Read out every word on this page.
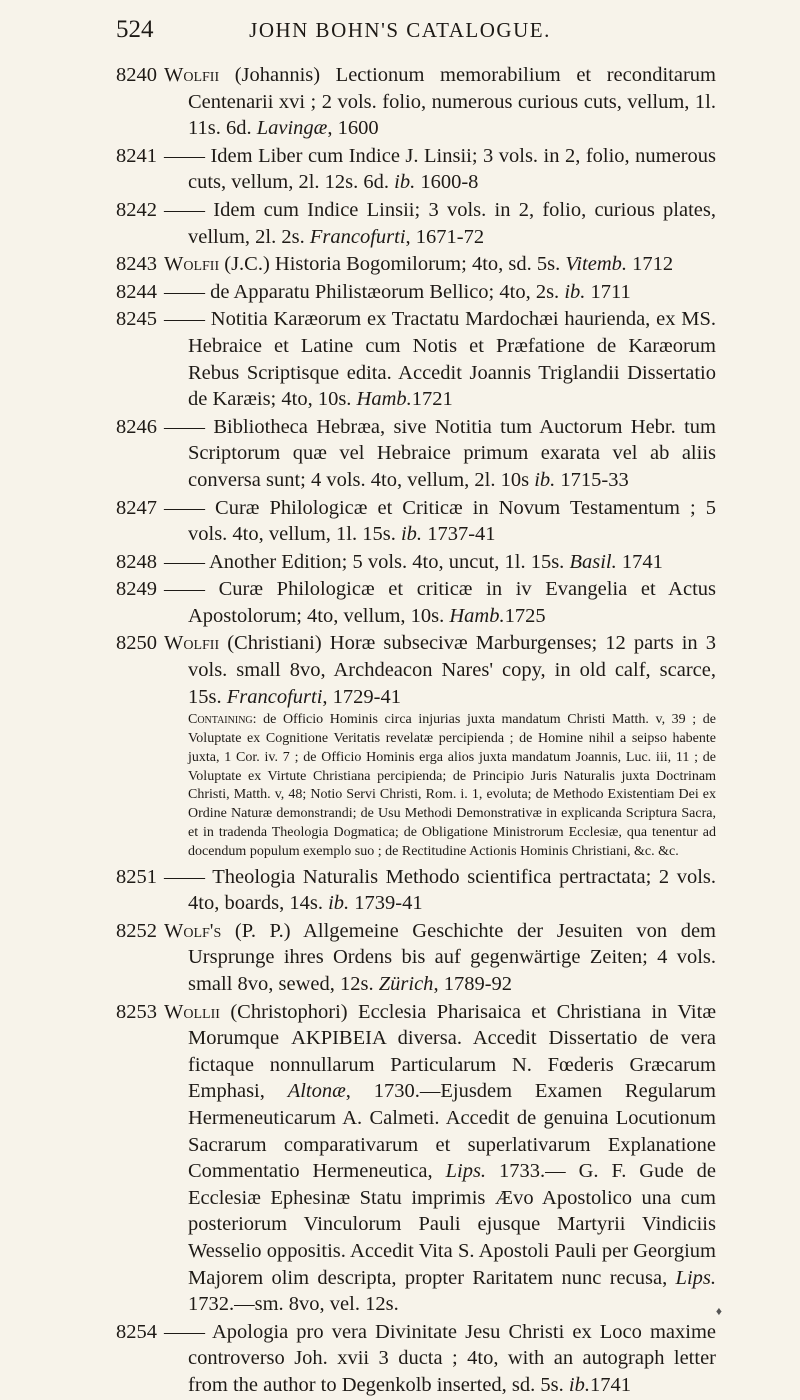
524	JOHN BOHN'S CATALOGUE.
8240 Wolfii (Johannis) Lectionum memorabilium et reconditarum Centenarii xvi ; 2 vols. folio, numerous curious cuts, vellum, 1l. 11s. 6d. Lavingæ, 1600
8241 —— Idem Liber cum Indice J. Linsii; 3 vols. in 2, folio, numerous cuts, vellum, 2l. 12s. 6d. ib. 1600-8
8242 —— Idem cum Indice Linsii; 3 vols. in 2, folio, curious plates, vellum, 2l. 2s. Francofurti, 1671-72
8243 Wolfii (J.C.) Historia Bogomilorum; 4to, sd. 5s. Vitemb. 1712
8244 —— de Apparatu Philistæorum Bellico; 4to, 2s. ib. 1711
8245 —— Notitia Karæorum ex Tractatu Mardochæi haurienda, ex MS. Hebraice et Latine cum Notis et Præfatione de Karæorum Rebus Scriptisque edita. Accedit Joannis Triglandii Dissertatio de Karæis; 4to, 10s. Hamb.1721
8246 —— Bibliotheca Hebræa, sive Notitia tum Auctorum Hebr. tum Scriptorum quæ vel Hebraice primum exarata vel ab aliis conversa sunt; 4 vols. 4to, vellum, 2l. 10s ib. 1715-33
8247 —— Curæ Philologicæ et Criticæ in Novum Testamentum ; 5 vols. 4to, vellum, 1l. 15s. ib. 1737-41
8248 —— Another Edition; 5 vols. 4to, uncut, 1l. 15s. Basil. 1741
8249 —— Curæ Philologicæ et criticæ in iv Evangelia et Actus Apostolorum; 4to, vellum, 10s. Hamb.1725
8250 Wolfii (Christiani) Horæ subsecivæ Marburgenses; 12 parts in 3 vols. small 8vo, Archdeacon Nares' copy, in old calf, scarce, 15s. Francofurti, 1729-41
Containing: de Officio Hominis circa injurias juxta mandatum Christi Matth. v, 39 ; de Voluptate ex Cognitione Veritatis revelatæ percipienda ; de Homine nihil a seipso habente juxta, 1 Cor. iv. 7 ; de Officio Hominis erga alios juxta mandatum Joannis, Luc. iii, 11 ; de Voluptate ex Virtute Christiana percipienda; de Principio Juris Naturalis juxta Doctrinam Christi, Matth. v, 48; Notio Servi Christi, Rom. i. 1, evoluta; de Methodo Existentiam Dei ex Ordine Naturæ demonstrandi; de Usu Methodi Demonstrativæ in explicanda Scriptura Sacra, et in tradenda Theologia Dogmatica; de Obligatione Ministrorum Ecclesiæ, qua tenentur ad docendum populum exemplo suo ; de Rectitudine Actionis Hominis Christiani, &c. &c.
8251 —— Theologia Naturalis Methodo scientifica pertractata; 2 vols. 4to, boards, 14s. ib. 1739-41
8252 Wolf's (P. P.) Allgemeine Geschichte der Jesuiten von dem Ursprunge ihres Ordens bis auf gegenwärtige Zeiten; 4 vols. small 8vo, sewed, 12s. Zürich, 1789-92
8253 Wollii (Christophori) Ecclesia Pharisaica et Christiana in Vitæ Morumque ΑΚΡΙΒΕΙΑ diversa. Accedit Dissertatio de vera fictaque nonnullarum Particularum N. Fœderis Græcarum Emphasi, Altonæ, 1730.—Ejusdem Examen Regularum Hermeneuticarum A. Calmeti. Accedit de genuina Locutionum Sacrarum comparativarum et superlativarum Explanatione Commentatio Hermeneutica, Lips. 1733.— G. F. Gude de Ecclesiæ Ephesinæ Statu imprimis Ævo Apostolico una cum posteriorum Vinculorum Pauli ejusque Martyrii Vindiciis Wesselio oppositis. Accedit Vita S. Apostoli Pauli per Georgium Majorem olim descripta, propter Raritatem nunc recusa, Lips. 1732.—sm. 8vo, vel. 12s.
8254 —— Apologia pro vera Divinitate Jesu Christi ex Loco maxime controverso Joh. xvii 3 ducta ; 4to, with an autograph letter from the author to Degenkolb inserted, sd. 5s. ib.1741
♦
